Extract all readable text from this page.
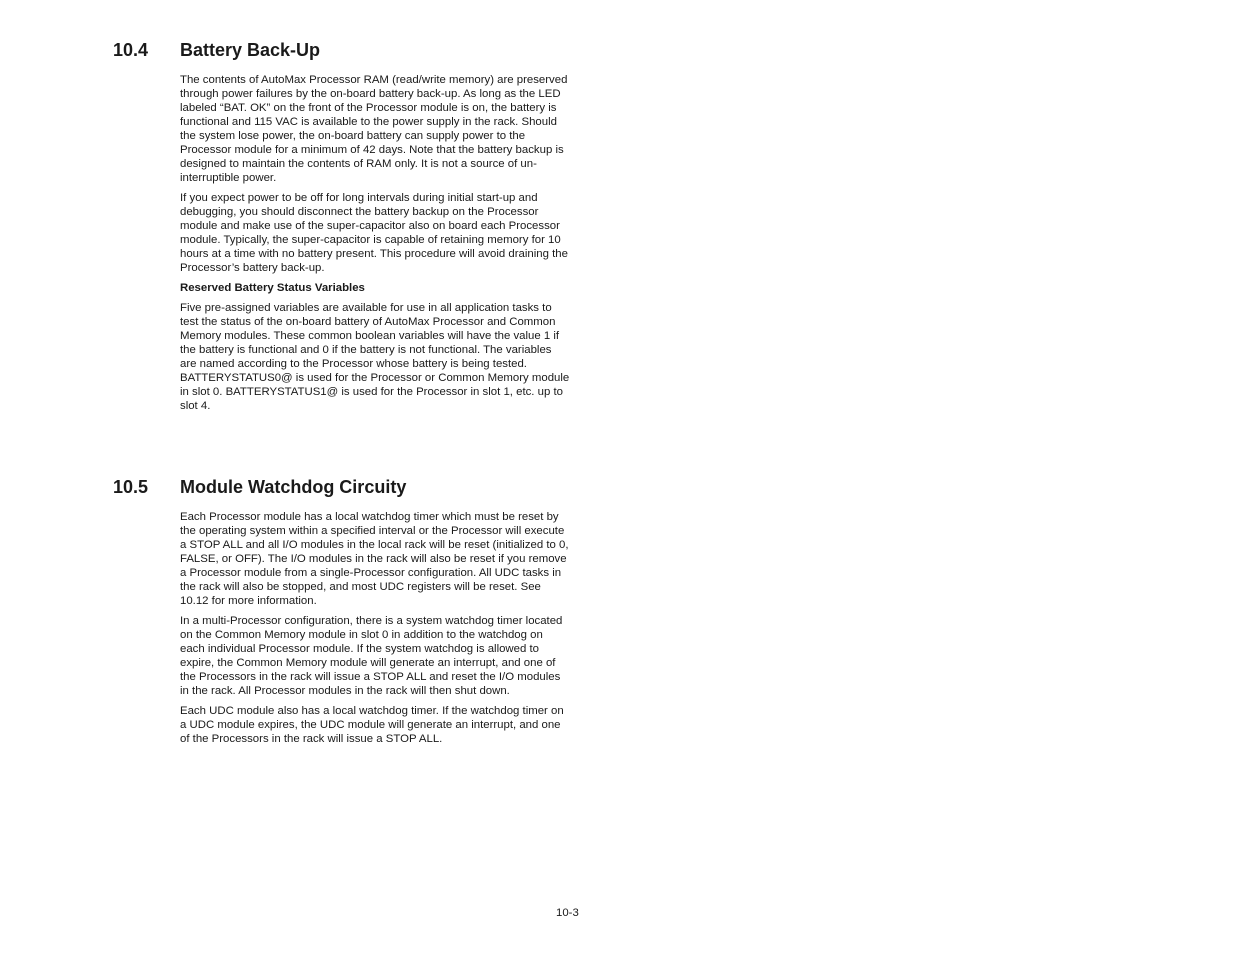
10.4 Battery Back-Up

The contents of AutoMax Processor RAM (read/write memory) are preserved through power failures by the on-board battery back-up. As long as the LED labeled “BAT. OK” on the front of the Processor module is on, the battery is functional and 115 VAC is available to the power supply in the rack. Should the system lose power, the on-board battery can supply power to the Processor module for a minimum of 42 days. Note that the battery backup is designed to maintain the contents of RAM only. It is not a source of un-interruptible power.

If you expect power to be off for long intervals during initial start-up and debugging, you should disconnect the battery backup on the Processor module and make use of the super-capacitor also on board each Processor module. Typically, the super-capacitor is capable of retaining memory for 10 hours at a time with no battery present. This procedure will avoid draining the Processor’s battery back-up.

Reserved Battery Status Variables

Five pre-assigned variables are available for use in all application tasks to test the status of the on-board battery of AutoMax Processor and Common Memory modules. These common boolean variables will have the value 1 if the battery is functional and 0 if the battery is not functional. The variables are named according to the Processor whose battery is being tested. BATTERYSTATUS0@ is used for the Processor or Common Memory module in slot 0. BATTERYSTATUS1@ is used for the Processor in slot 1, etc. up to slot 4.

10.5 Module Watchdog Circuity

Each Processor module has a local watchdog timer which must be reset by the operating system within a specified interval or the Processor will execute a STOP ALL and all I/O modules in the local rack will be reset (initialized to 0, FALSE, or OFF). The I/O modules in the rack will also be reset if you remove a Processor module from a single-Processor configuration. All UDC tasks in the rack will also be stopped, and most UDC registers will be reset. See 10.12 for more information.

In a multi-Processor configuration, there is a system watchdog timer located on the Common Memory module in slot 0 in addition to the watchdog on each individual Processor module. If the system watchdog is allowed to expire, the Common Memory module will generate an interrupt, and one of the Processors in the rack will issue a STOP ALL and reset the I/O modules in the rack. All Processor modules in the rack will then shut down.

Each UDC module also has a local watchdog timer. If the watchdog timer on a UDC module expires, the UDC module will generate an interrupt, and one of the Processors in the rack will issue a STOP ALL.

10-3
